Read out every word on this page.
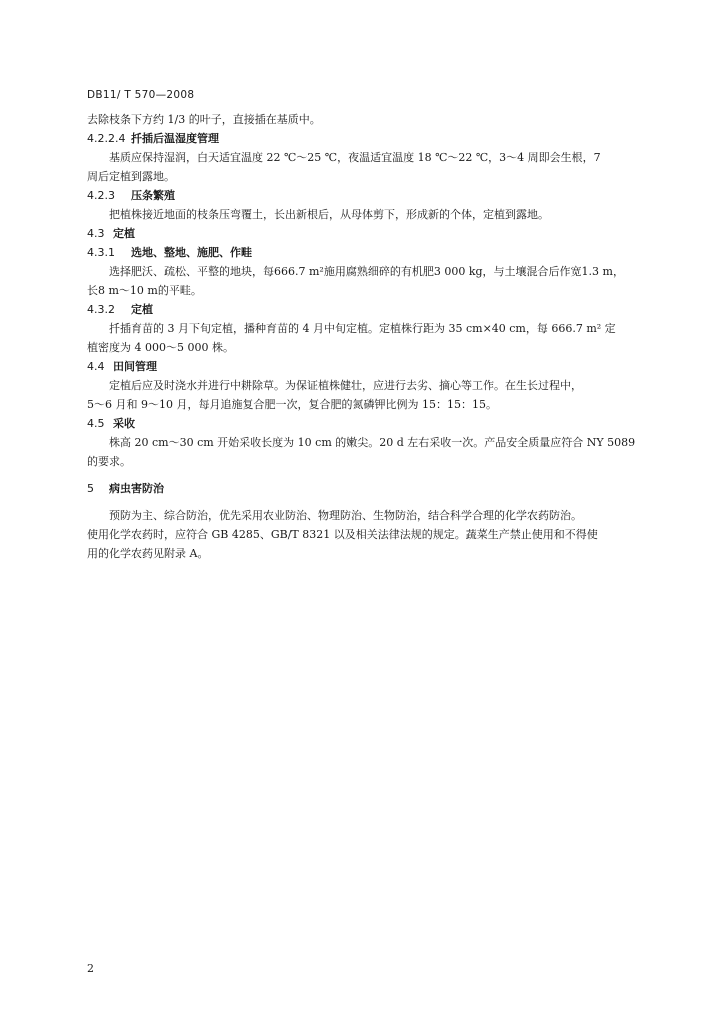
DB11/ T 570—2008
去除枝条下方约 1/3 的叶子，直接插在基质中。
4.2.2.4 扦插后温湿度管理
基质应保持湿润，白天适宜温度 22 ℃～25 ℃，夜温适宜温度 18 ℃～22 ℃，3～4 周即会生根，7
周后定植到露地。
4.2.3 压条繁殖
把植株接近地面的枝条压弯覆土，长出新根后，从母体剪下，形成新的个体，定植到露地。
4.3 定植
4.3.1 选地、整地、施肥、作畦
选择肥沃、疏松、平整的地块，每666.7 m²施用腐熟细碎的有机肥3 000 kg，与土壤混合后作宽1.3 m，
长8 m～10 m的平畦。
4.3.2 定植
扦插育苗的 3 月下旬定植，播种育苗的 4 月中旬定植。定植株行距为 35 cm×40 cm，每 666.7 m² 定
植密度为 4 000～5 000 株。
4.4 田间管理
定植后应及时浇水并进行中耕除草。为保证植株健壮，应进行去劣、摘心等工作。在生长过程中，
5～6 月和 9～10 月，每月追施复合肥一次，复合肥的氮磷钾比例为 15：15：15。
4.5 采收
株高 20 cm～30 cm 开始采收长度为 10 cm 的嫩尖。20 d 左右采收一次。产品安全质量应符合 NY 5089
的要求。
5 病虫害防治
预防为主、综合防治，优先采用农业防治、物理防治、生物防治，结合科学合理的化学农药防治。
使用化学农药时，应符合 GB 4285、GB/T 8321 以及相关法律法规的规定。蔬菜生产禁止使用和不得使
用的化学农药见附录 A。
2
